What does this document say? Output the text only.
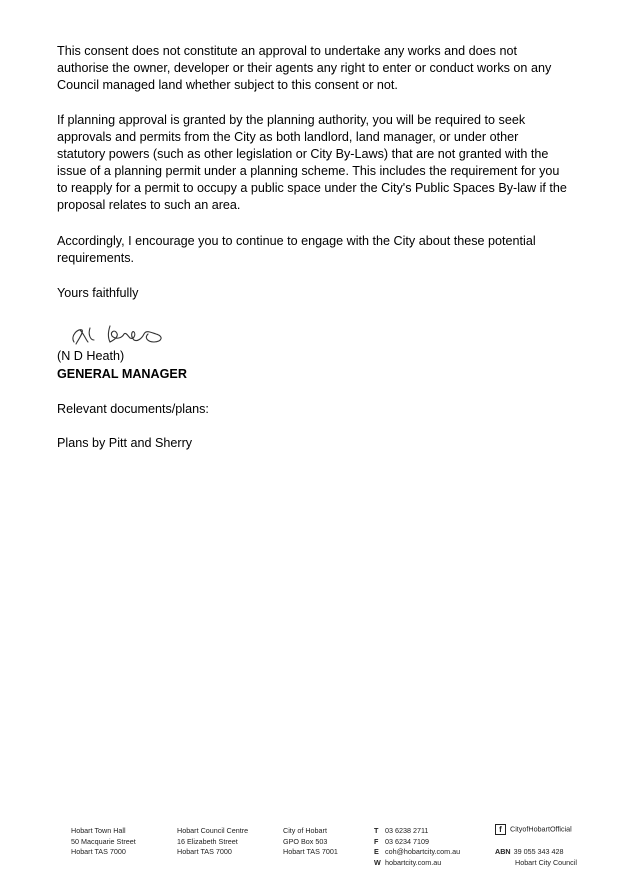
This consent does not constitute an approval to undertake any works and does not authorise the owner, developer or their agents any right to enter or conduct works on any Council managed land whether subject to this consent or not.

If planning approval is granted by the planning authority, you will be required to seek approvals and permits from the City as both landlord, land manager, or under other statutory powers (such as other legislation or City By-Laws) that are not granted with the issue of a planning permit under a planning scheme. This includes the requirement for you to reapply for a permit to occupy a public space under the City's Public Spaces By-law if the proposal relates to such an area.

Accordingly, I encourage you to continue to engage with the City about these potential requirements.

Yours faithfully

(N D Heath)
GENERAL MANAGER

Relevant documents/plans:

Plans by Pitt and Sherry

Hobart Town Hall
50 Macquarie Street
Hobart TAS 7000
Hobart Council Centre
16 Elizabeth Street
Hobart TAS 7000
City of Hobart
GPO Box 503
Hobart TAS 7001
T 03 6238 2711
F 03 6234 7109
E coh@hobartcity.com.au
W hobartcity.com.au
f CityofHobartOfficial
ABN 39 055 343 428
Hobart City Council
